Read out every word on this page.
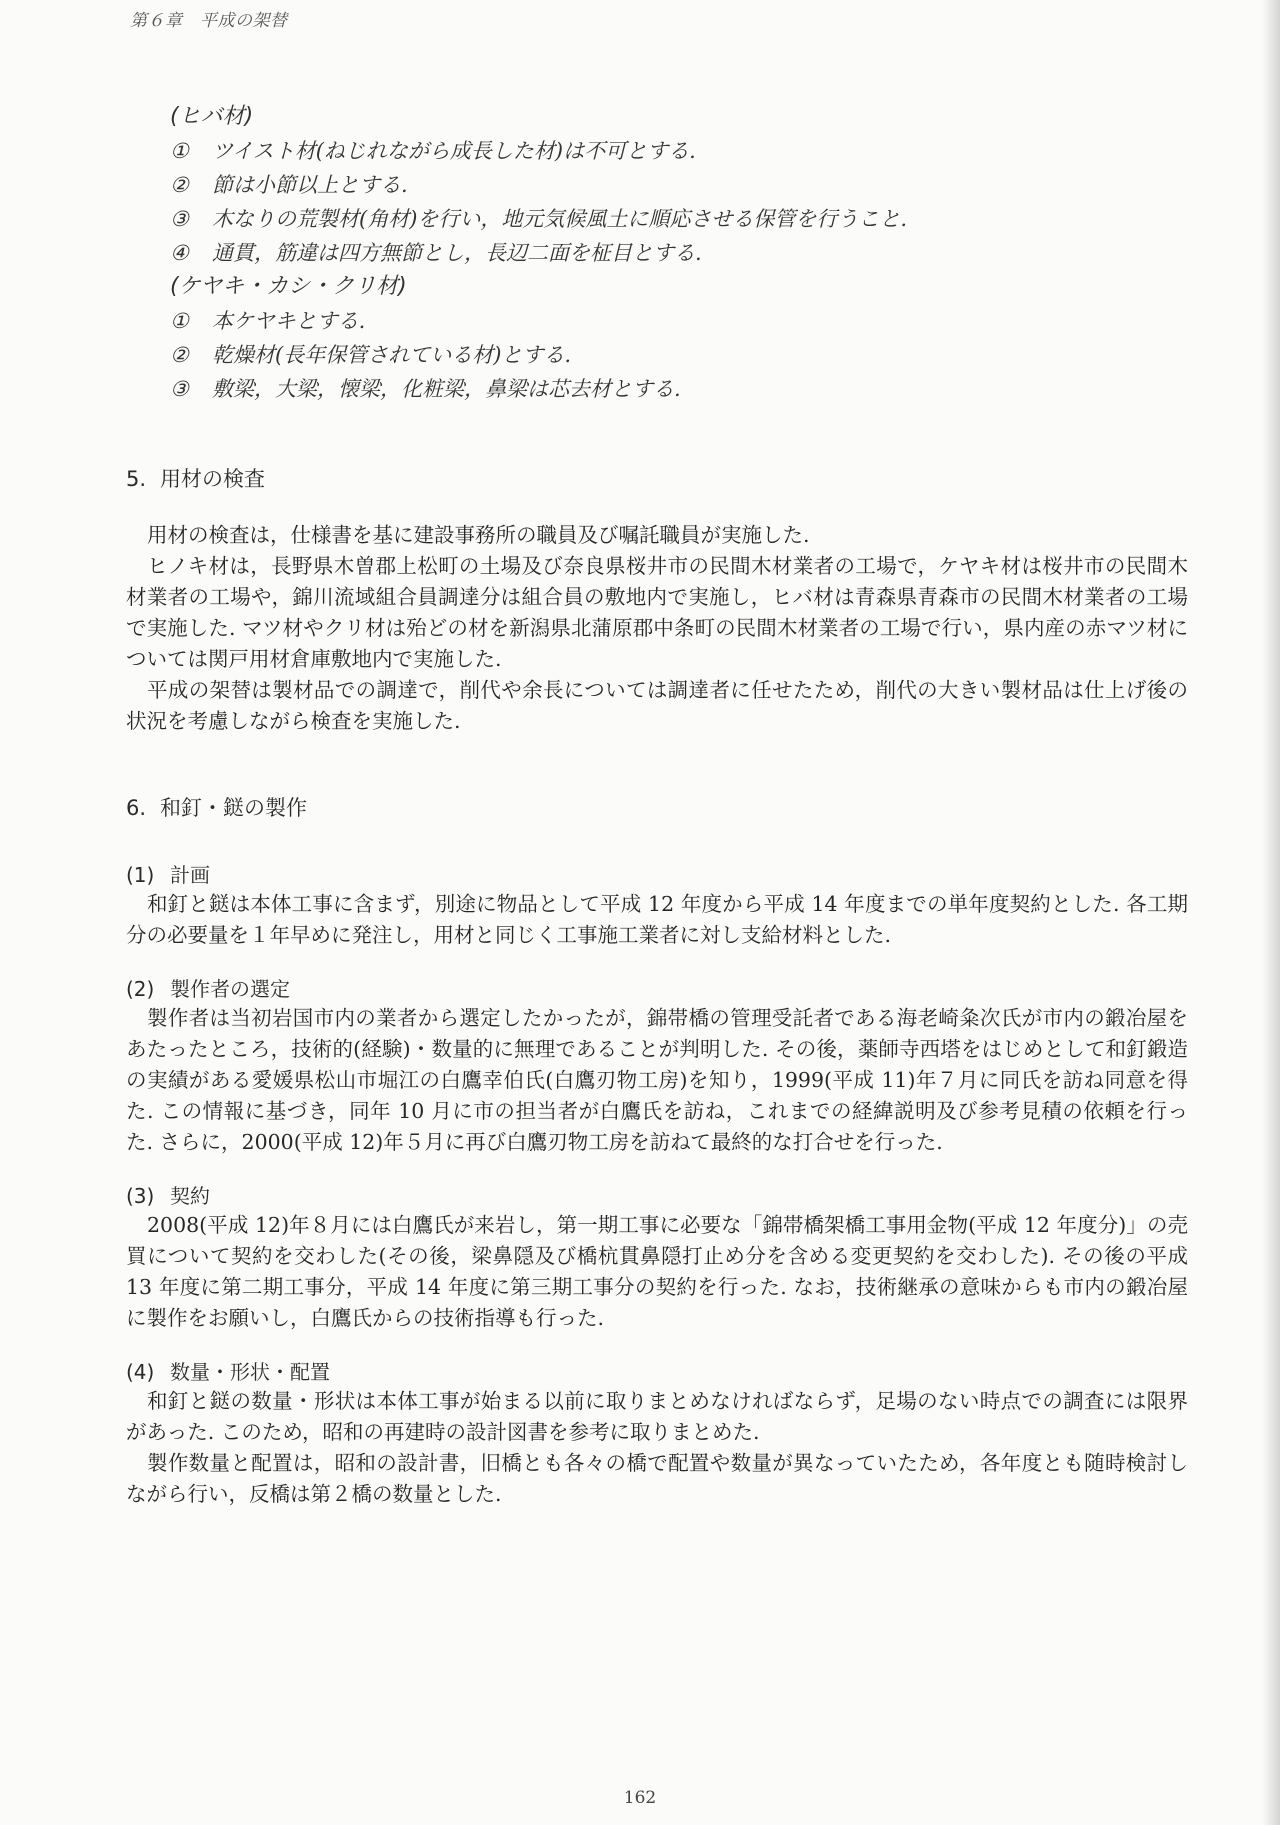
第６章　平成の架替
(ヒバ材)
①	ツイスト材(ねじれながら成長した材)は不可とする.
②	節は小節以上とする.
③	木なりの荒製材(角材)を行い，地元気候風土に順応させる保管を行うこと.
④	通貫，筋違は四方無節とし，長辺二面を柾目とする.
(ケヤキ・カシ・クリ材)
①	本ケヤキとする.
②	乾燥材(長年保管されている材)とする.
③	敷梁，大梁，懐梁，化粧梁，鼻梁は芯去材とする.
5. 用材の検査

用材の検査は，仕様書を基に建設事務所の職員及び嘱託職員が実施した.

ヒノキ材は，長野県木曽郡上松町の土場及び奈良県桜井市の民間木材業者の工場で，ケヤキ材は桜井市の民間木材業者の工場や，錦川流域組合員調達分は組合員の敷地内で実施し，ヒバ材は青森県青森市の民間木材業者の工場で実施した. マツ材やクリ材は殆どの材を新潟県北蒲原郡中条町の民間木材業者の工場で行い，県内産の赤マツ材については関戸用材倉庫敷地内で実施した.

平成の架替は製材品での調達で，削代や余長については調達者に任せたため，削代の大きい製材品は仕上げ後の状況を考慮しながら検査を実施した.

6. 和釘・鎹の製作
(1) 計画

和釘と鎹は本体工事に含まず，別途に物品として平成 12 年度から平成 14 年度までの単年度契約とした. 各工期分の必要量を１年早めに発注し，用材と同じく工事施工業者に対し支給材料とした.

(2) 製作者の選定

製作者は当初岩国市内の業者から選定したかったが，錦帯橋の管理受託者である海老崎粂次氏が市内の鍛冶屋をあたったところ，技術的(経験)・数量的に無理であることが判明した. その後，薬師寺西塔をはじめとして和釘鍛造の実績がある愛媛県松山市堀江の白鷹幸伯氏(白鷹刃物工房)を知り，1999(平成 11)年７月に同氏を訪ね同意を得た. この情報に基づき，同年 10 月に市の担当者が白鷹氏を訪ね，これまでの経緯説明及び参考見積の依頼を行った. さらに，2000(平成 12)年５月に再び白鷹刃物工房を訪ねて最終的な打合せを行った.

(3) 契約

2008(平成 12)年８月には白鷹氏が来岩し，第一期工事に必要な「錦帯橋架橋工事用金物(平成 12 年度分)」の売買について契約を交わした(その後，梁鼻隠及び橋杭貫鼻隠打止め分を含める変更契約を交わした). その後の平成 13 年度に第二期工事分，平成 14 年度に第三期工事分の契約を行った. なお，技術継承の意味からも市内の鍛冶屋に製作をお願いし，白鷹氏からの技術指導も行った.

(4) 数量・形状・配置

和釘と鎹の数量・形状は本体工事が始まる以前に取りまとめなければならず，足場のない時点での調査には限界があった. このため，昭和の再建時の設計図書を参考に取りまとめた.

製作数量と配置は，昭和の設計書，旧橋とも各々の橋で配置や数量が異なっていたため，各年度とも随時検討しながら行い，反橋は第２橋の数量とした.

162
